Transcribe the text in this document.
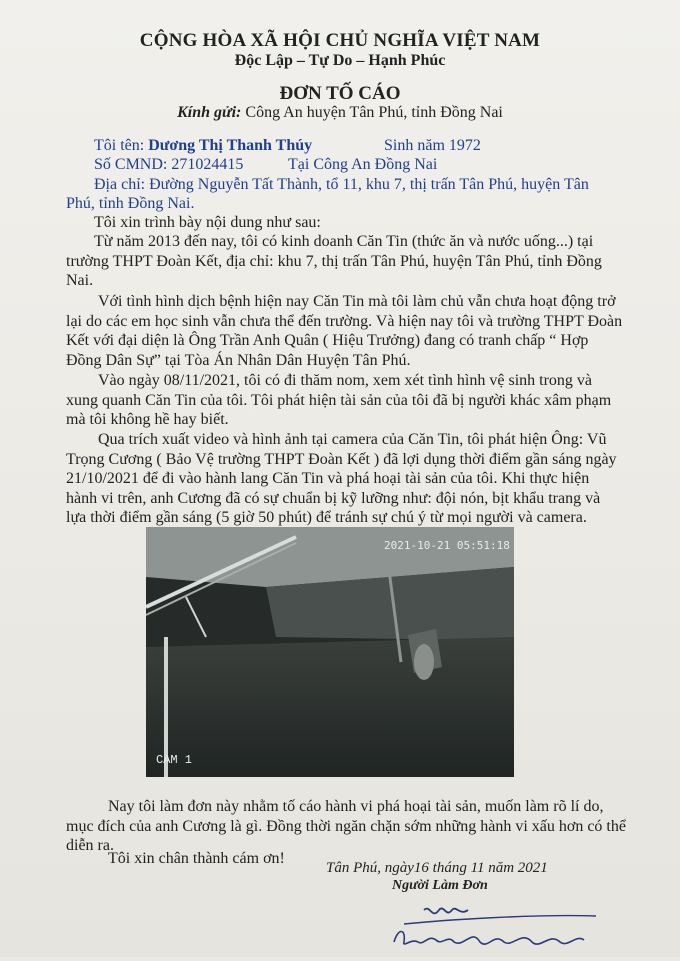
CỘNG HÒA XÃ HỘI CHỦ NGHĨA VIỆT NAM
Độc Lập – Tự Do – Hạnh Phúc
ĐƠN TỐ CÁO
Kính gửi: Công An huyện Tân Phú, tỉnh Đồng Nai
Tôi tên: Dương Thị Thanh Thúy	Sinh năm 1972
Số CMND: 271024415	Tại Công An Đồng Nai
Địa chỉ: Đường Nguyễn Tất Thành, tổ 11, khu 7, thị trấn Tân Phú, huyện Tân
Phú, tỉnh Đồng Nai.
Tôi xin trình bày nội dung như sau:
Từ năm 2013 đến nay, tôi có kinh doanh Căn Tin (thức ăn và nước uống...) tại trường THPT Đoàn Kết, địa chỉ: khu 7, thị trấn Tân Phú, huyện Tân Phú, tỉnh Đồng Nai.
Với tình hình dịch bệnh hiện nay Căn Tin mà tôi làm chủ vẫn chưa hoạt động trở lại do các em học sinh vẫn chưa thể đến trường. Và hiện nay tôi và trường THPT Đoàn Kết với đại diện là Ông Trần Anh Quân ( Hiệu Trưởng) đang có tranh chấp “ Hợp Đồng Dân Sự” tại Tòa Án Nhân Dân Huyện Tân Phú.
Vào ngày 08/11/2021, tôi có đi thăm nom, xem xét tình hình vệ sinh trong và xung quanh Căn Tin của tôi. Tôi phát hiện tài sản của tôi đã bị người khác xâm phạm mà tôi không hề hay biết.
Qua trích xuất video và hình ảnh tại camera của Căn Tin, tôi phát hiện Ông: Vũ Trọng Cương ( Bảo Vệ trường THPT Đoàn Kết ) đã lợi dụng thời điểm gần sáng ngày 21/10/2021 để đi vào hành lang Căn Tin và phá hoại tài sản của tôi. Khi thực hiện hành vi trên, anh Cương đã có sự chuẩn bị kỹ lưỡng như: đội nón, bịt khẩu trang và lựa thời điểm gần sáng (5 giờ 50 phút) để tránh sự chú ý từ mọi người và camera.
2021-10-21 05:51:18
CAM 1
Nay tôi làm đơn này nhằm tố cáo hành vi phá hoại tài sản, muốn làm rõ lí do, mục đích của anh Cương là gì. Đồng thời ngăn chặn sớm những hành vi xấu hơn có thể diễn ra.
Tôi xin chân thành cám ơn!
Tân Phú, ngày16 tháng 11 năm 2021
Người Làm Đơn
